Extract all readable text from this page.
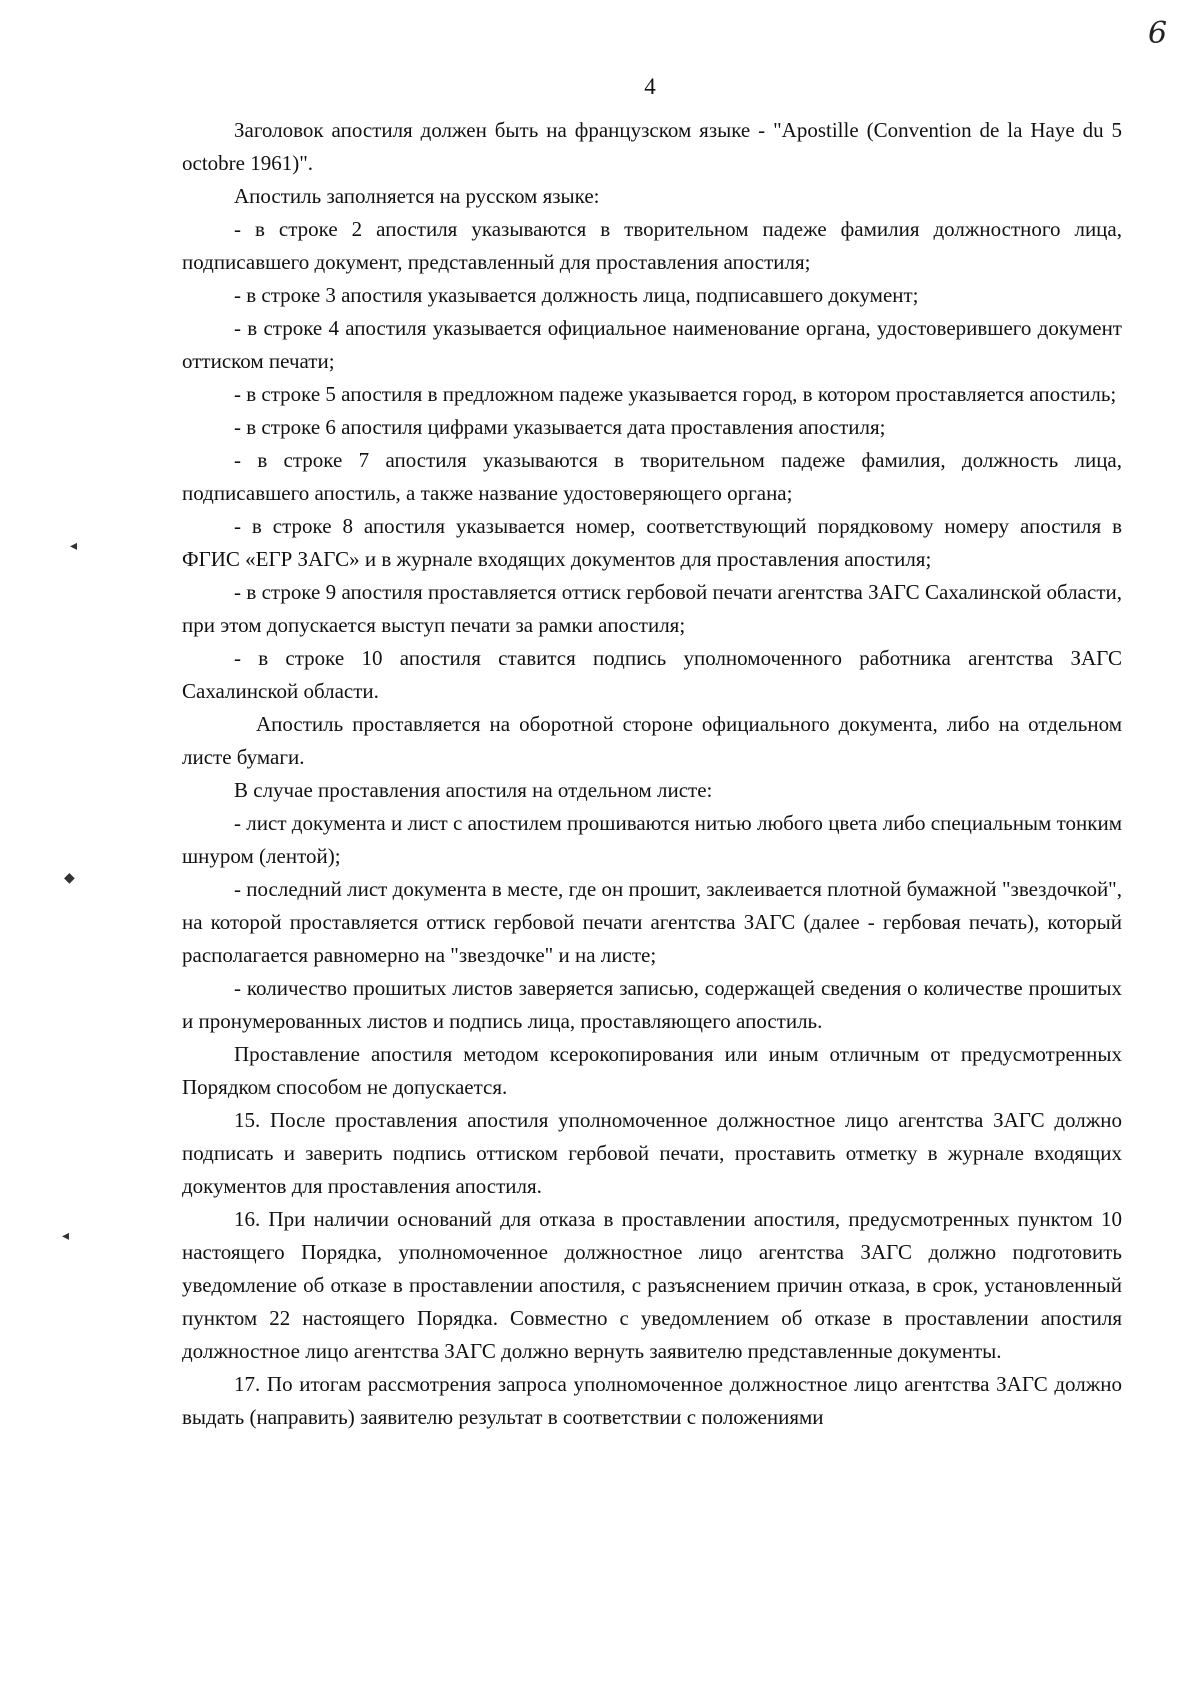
6
4
◂
◆
◂

Заголовок апостиля должен быть на французском языке - "Apostille (Convention de la Haye du 5 octobre 1961)".

Апостиль заполняется на русском языке:

- в строке 2 апостиля указываются в творительном падеже фамилия должностного лица, подписавшего документ, представленный для проставления апостиля;

- в строке 3 апостиля указывается должность лица, подписавшего документ;

- в строке 4 апостиля указывается официальное наименование органа, удостоверившего документ оттиском печати;

- в строке 5 апостиля в предложном падеже указывается город, в котором проставляется апостиль;

- в строке 6 апостиля цифрами указывается дата проставления апостиля;

- в строке 7 апостиля указываются в творительном падеже фамилия, должность лица, подписавшего апостиль, а также название удостоверяющего органа;

- в строке 8 апостиля указывается номер, соответствующий порядковому номеру апостиля в ФГИС «ЕГР ЗАГС» и в журнале входящих документов для проставления апостиля;

- в строке 9 апостиля проставляется оттиск гербовой печати агентства ЗАГС Сахалинской области, при этом допускается выступ печати за рамки апостиля;

- в строке 10 апостиля ставится подпись уполномоченного работника агентства ЗАГС Сахалинской области.

Апостиль проставляется на оборотной стороне официального документа, либо на отдельном листе бумаги.

В случае проставления апостиля на отдельном листе:

- лист документа и лист с апостилем прошиваются нитью любого цвета либо специальным тонким шнуром (лентой);

- последний лист документа в месте, где он прошит, заклеивается плотной бумажной "звездочкой", на которой проставляется оттиск гербовой печати агентства ЗАГС (далее - гербовая печать), который располагается равномерно на "звездочке" и на листе;

- количество прошитых листов заверяется записью, содержащей сведения о количестве прошитых и пронумерованных листов и подпись лица, проставляющего апостиль.

Проставление апостиля методом ксерокопирования или иным отличным от предусмотренных Порядком способом не допускается.

15. После проставления апостиля уполномоченное должностное лицо агентства ЗАГС должно подписать и заверить подпись оттиском гербовой печати, проставить отметку в журнале входящих документов для проставления апостиля.

16. При наличии оснований для отказа в проставлении апостиля, предусмотренных пунктом 10 настоящего Порядка, уполномоченное должностное лицо агентства ЗАГС должно подготовить уведомление об отказе в проставлении апостиля, с разъяснением причин отказа, в срок, установленный пунктом 22 настоящего Порядка. Совместно с уведомлением об отказе в проставлении апостиля должностное лицо агентства ЗАГС должно вернуть заявителю представленные документы.

17. По итогам рассмотрения запроса уполномоченное должностное лицо агентства ЗАГС должно выдать (направить) заявителю результат в соответствии с положениями
